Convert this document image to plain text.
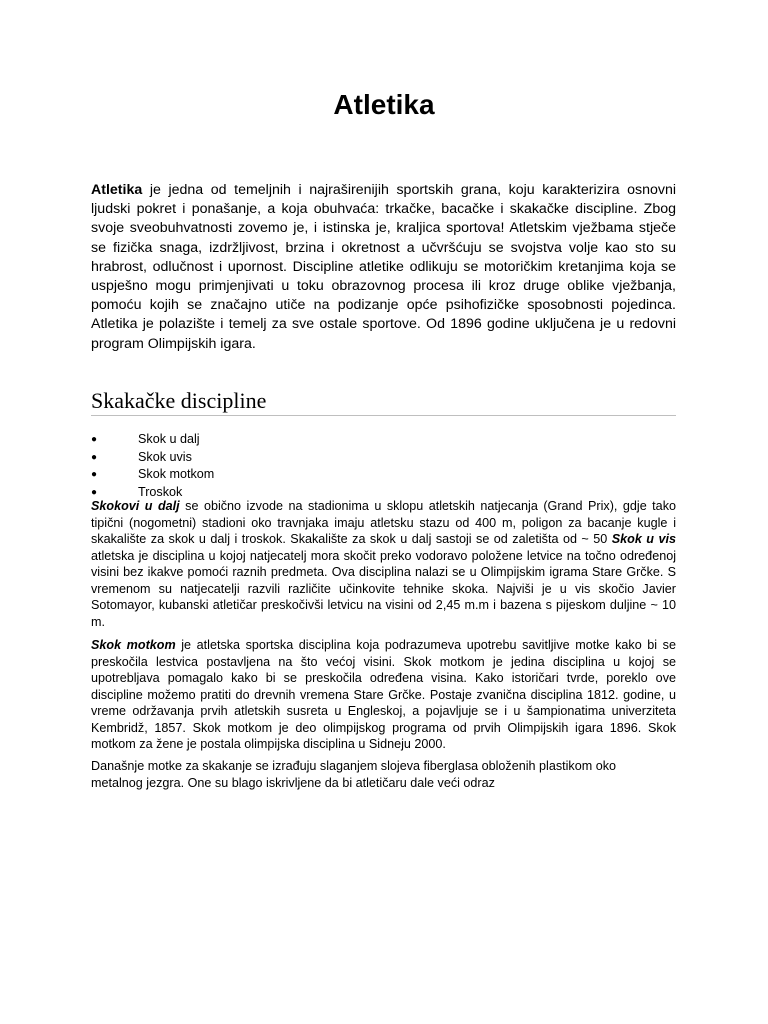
Atletika

Atletika je jedna od temeljnih i najraširenijih sportskih grana, koju karakterizira osnovni ljudski pokret i ponašanje, a koja obuhvaća: trkačke, bacačke i skakačke discipline. Zbog svoje sveobuhvatnosti zovemo je, i istinska je, kraljica sportova! Atletskim vježbama stječe se fizička snaga, izdržljivost, brzina i okretnost a učvršćuju se svojstva volje kao sto su hrabrost, odlučnost i upornost. Discipline atletike odlikuju se motoričkim kretanjima koja se uspješno mogu primjenjivati u toku obrazovnog procesa ili kroz druge oblike vježbanja, pomoću kojih se značajno utiče na podizanje opće psihofizičke sposobnosti pojedinca. Atletika je polazište i temelj za sve ostale sportove. Od 1896 godine uključena je u redovni program Olimpijskih igara.

Skakačke discipline
●	Skok u dalj
●	Skok uvis
●	Skok motkom
●	Troskok

Skokovi u dalj se obično izvode na stadionima u sklopu atletskih natjecanja (Grand Prix), gdje tako tipični (nogometni) stadioni oko travnjaka imaju atletsku stazu od 400 m, poligon za bacanje kugle i skakalište za skok u dalj i troskok. Skakalište za skok u dalj sastoji se od zaletišta od ~ 50 Skok u vis atletska je disciplina u kojoj natjecatelj mora skočit preko vodoravo položene letvice na točno određenoj visini bez ikakve pomoći raznih predmeta. Ova disciplina nalazi se u Olimpijskim igrama Stare Grčke. S vremenom su natjecatelji razvili različite učinkovite tehnike skoka. Najviši je u vis skočio Javier Sotomayor, kubanski atletičar preskočivši letvicu na visini od 2,45 m.m i bazena s pijeskom duljine ~ 10 m.

Skok motkom je atletska sportska disciplina koja podrazumeva upotrebu savitljive motke kako bi se preskočila lestvica postavljena na što većoj visini. Skok motkom je jedina disciplina u kojoj se upotrebljava pomagalo kako bi se preskočila određena visina. Kako istoričari tvrde, poreklo ove discipline možemo pratiti do drevnih vremena Stare Grčke. Postaje zvanična disciplina 1812. godine, u vreme održavanja prvih atletskih susreta u Engleskoj, a pojavljuje se i u šampionatima univerziteta Kembridž, 1857. Skok motkom je deo olimpijskog programa od prvih Olimpijskih igara 1896. Skok motkom za žene je postala olimpijska disciplina u Sidneju 2000.

Današnje motke za skakanje se izrađuju slaganjem slojeva fiberglasa obloženih plastikom oko metalnog jezgra. One su blago iskrivljene da bi atletičaru dale veći odraz
